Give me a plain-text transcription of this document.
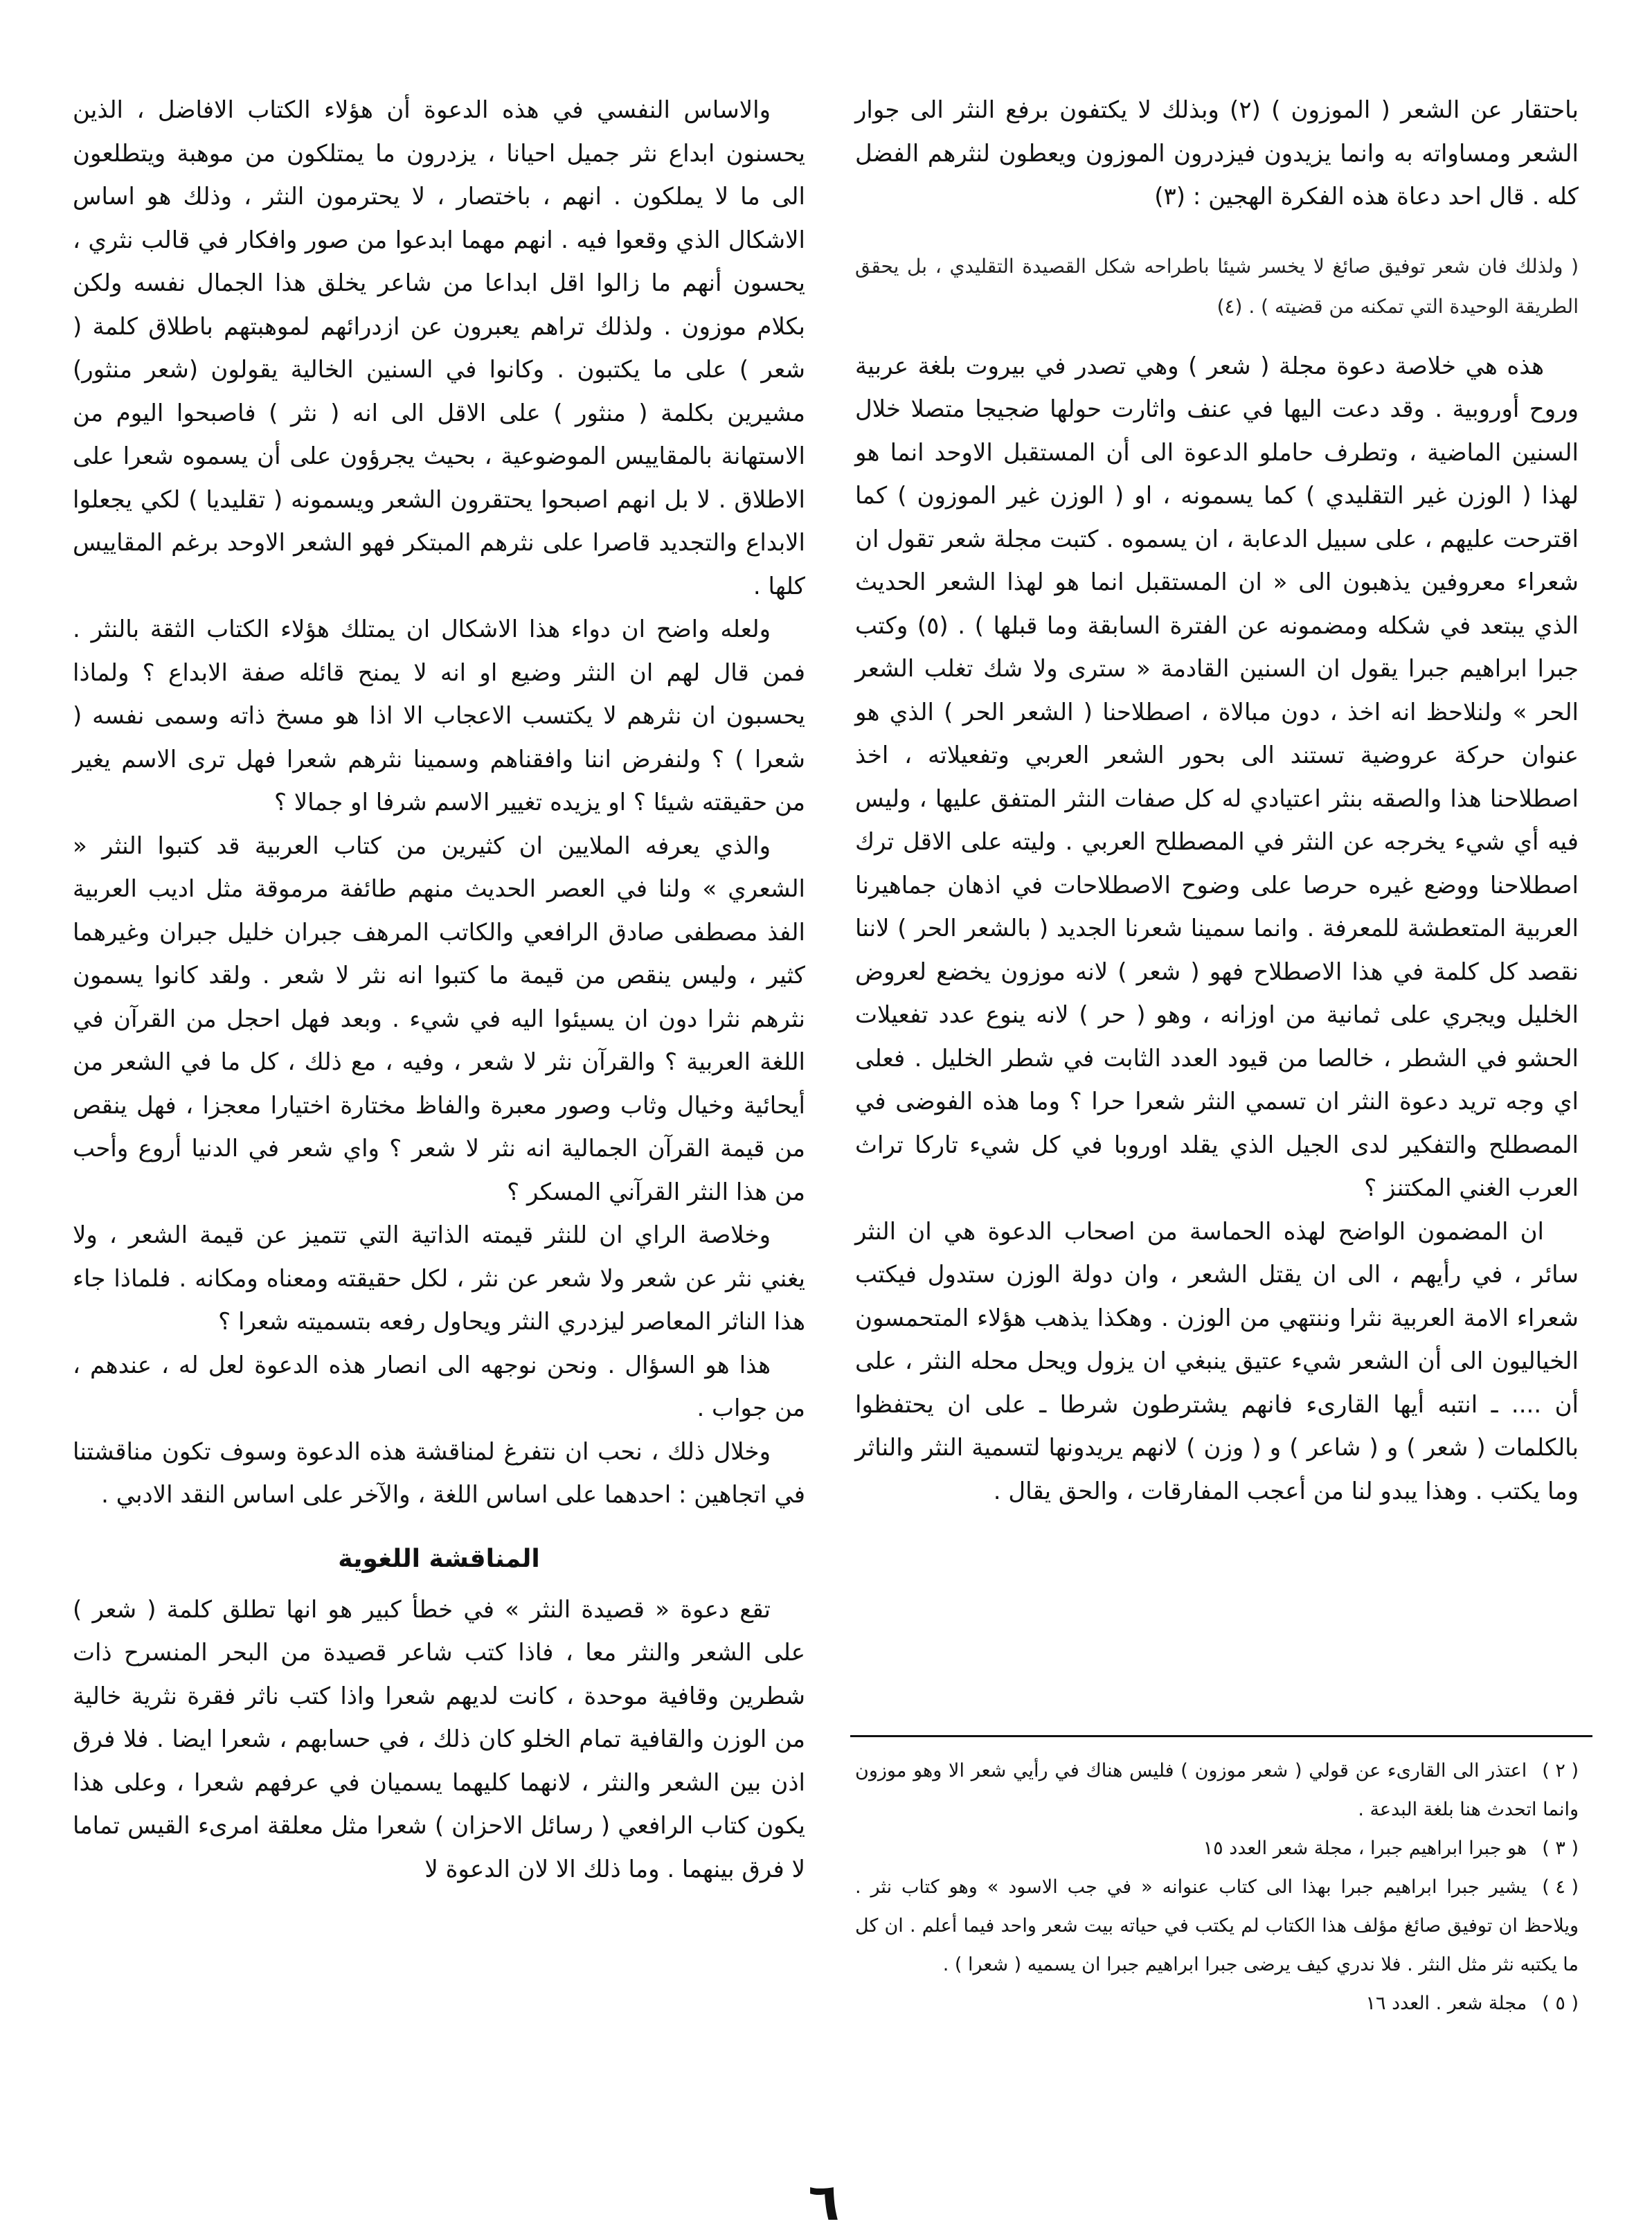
باحتقار عن الشعر ( الموزون ) (٢) وبذلك لا يكتفون برفع النثر الى جوار الشعر ومساواته به وانما يزيدون فيزدرون الموزون ويعطون لنثرهم الفضل كله . قال احد دعاة هذه الفكرة الهجين : (٣)

( ولذلك فان شعر توفيق صائغ لا يخسر شيئا باطراحه شكل القصيدة التقليدي ، بل يحقق الطريقة الوحيدة التي تمكنه من قضيته ) . (٤)

هذه هي خلاصة دعوة مجلة ( شعر ) وهي تصدر في بيروت بلغة عربية وروح أوروبية . وقد دعت اليها في عنف واثارت حولها ضجيجا متصلا خلال السنين الماضية ، وتطرف حاملو الدعوة الى أن المستقبل الاوحد انما هو لهذا ( الوزن غير التقليدي ) كما يسمونه ، او ( الوزن غير الموزون ) كما اقترحت عليهم ، على سبيل الدعابة ، ان يسموه . كتبت مجلة شعر تقول ان شعراء معروفين يذهبون الى « ان المستقبل انما هو لهذا الشعر الحديث الذي يبتعد في شكله ومضمونه عن الفترة السابقة وما قبلها ) . (٥) وكتب جبرا ابراهيم جبرا يقول ان السنين القادمة « سترى ولا شك تغلب الشعر الحر » ولنلاحظ انه اخذ ، دون مبالاة ، اصطلاحنا ( الشعر الحر ) الذي هو عنوان حركة عروضية تستند الى بحور الشعر العربي وتفعيلاته ، اخذ اصطلاحنا هذا والصقه بنثر اعتيادي له كل صفات النثر المتفق عليها ، وليس فيه أي شيء يخرجه عن النثر في المصطلح العربي . وليته على الاقل ترك اصطلاحنا ووضع غيره حرصا على وضوح الاصطلاحات في اذهان جماهيرنا العربية المتعطشة للمعرفة . وانما سمينا شعرنا الجديد ( بالشعر الحر ) لاننا نقصد كل كلمة في هذا الاصطلاح فهو ( شعر ) لانه موزون يخضع لعروض الخليل ويجري على ثمانية من اوزانه ، وهو ( حر ) لانه ينوع عدد تفعيلات الحشو في الشطر ، خالصا من قيود العدد الثابت في شطر الخليل . فعلى اي وجه تريد دعوة النثر ان تسمي النثر شعرا حرا ؟ وما هذه الفوضى في المصطلح والتفكير لدى الجيل الذي يقلد اوروبا في كل شيء تاركا تراث العرب الغني المكتنز ؟

ان المضمون الواضح لهذه الحماسة من اصحاب الدعوة هي ان النثر سائر ، في رأيهم ، الى ان يقتل الشعر ، وان دولة الوزن ستدول فيكتب شعراء الامة العربية نثرا وننتهي من الوزن . وهكذا يذهب هؤلاء المتحمسون الخياليون الى أن الشعر شيء عتيق ينبغي ان يزول ويحل محله النثر ، على أن .... ـ انتبه أيها القارىء فانهم يشترطون شرطا ـ على ان يحتفظوا بالكلمات ( شعر ) و ( شاعر ) و ( وزن ) لانهم يريدونها لتسمية النثر والناثر وما يكتب . وهذا يبدو لنا من أعجب المفارقات ، والحق يقال .

( ٢ )اعتذر الى القارىء عن قولي ( شعر موزون ) فليس هناك في رأيي شعر الا وهو موزون وانما اتحدث هنا بلغة البدعة .

( ٣ )هو جبرا ابراهيم جبرا ، مجلة شعر العدد ١٥

( ٤ )يشير جبرا ابراهيم جبرا بهذا الى كتاب عنوانه « في جب الاسود » وهو كتاب نثر . ويلاحظ ان توفيق صائغ مؤلف هذا الكتاب لم يكتب في حياته بيت شعر واحد فيما أعلم . ان كل ما يكتبه نثر مثل النثر . فلا ندري كيف يرضى جبرا ابراهيم جبرا ان يسميه ( شعرا ) .

( ٥ )مجلة شعر . العدد ١٦

والاساس النفسي في هذه الدعوة أن هؤلاء الكتاب الافاضل ، الذين يحسنون ابداع نثر جميل احيانا ، يزدرون ما يمتلكون من موهبة ويتطلعون الى ما لا يملكون . انهم ، باختصار ، لا يحترمون النثر ، وذلك هو اساس الاشكال الذي وقعوا فيه . انهم مهما ابدعوا من صور وافكار في قالب نثري ، يحسون أنهم ما زالوا اقل ابداعا من شاعر يخلق هذا الجمال نفسه ولكن بكلام موزون . ولذلك تراهم يعبرون عن ازدرائهم لموهبتهم باطلاق كلمة ( شعر ) على ما يكتبون . وكانوا في السنين الخالية يقولون (شعر منثور) مشيرين بكلمة ( منثور ) على الاقل الى انه ( نثر ) فاصبحوا اليوم من الاستهانة بالمقاييس الموضوعية ، بحيث يجرؤون على أن يسموه شعرا على الاطلاق . لا بل انهم اصبحوا يحتقرون الشعر ويسمونه ( تقليديا ) لكي يجعلوا الابداع والتجديد قاصرا على نثرهم المبتكر فهو الشعر الاوحد برغم المقاييس كلها .

ولعله واضح ان دواء هذا الاشكال ان يمتلك هؤلاء الكتاب الثقة بالنثر . فمن قال لهم ان النثر وضيع او انه لا يمنح قائله صفة الابداع ؟ ولماذا يحسبون ان نثرهم لا يكتسب الاعجاب الا اذا هو مسخ ذاته وسمى نفسه ( شعرا ) ؟ ولنفرض اننا وافقناهم وسمينا نثرهم شعرا فهل ترى الاسم يغير من حقيقته شيئا ؟ او يزيده تغيير الاسم شرفا او جمالا ؟

والذي يعرفه الملايين ان كثيرين من كتاب العربية قد كتبوا النثر « الشعري » ولنا في العصر الحديث منهم طائفة مرموقة مثل اديب العربية الفذ مصطفى صادق الرافعي والكاتب المرهف جبران خليل جبران وغيرهما كثير ، وليس ينقص من قيمة ما كتبوا انه نثر لا شعر . ولقد كانوا يسمون نثرهم نثرا دون ان يسيئوا اليه في شيء . وبعد فهل احجل من القرآن في اللغة العربية ؟ والقرآن نثر لا شعر ، وفيه ، مع ذلك ، كل ما في الشعر من أيحائية وخيال وثاب وصور معبرة والفاظ مختارة اختيارا معجزا ، فهل ينقص من قيمة القرآن الجمالية انه نثر لا شعر ؟ واي شعر في الدنيا أروع وأحب من هذا النثر القرآني المسكر ؟

وخلاصة الراي ان للنثر قيمته الذاتية التي تتميز عن قيمة الشعر ، ولا يغني نثر عن شعر ولا شعر عن نثر ، لكل حقيقته ومعناه ومكانه . فلماذا جاء هذا الناثر المعاصر ليزدري النثر ويحاول رفعه بتسميته شعرا ؟

هذا هو السؤال . ونحن نوجهه الى انصار هذه الدعوة لعل له ، عندهم ، من جواب .

وخلال ذلك ، نحب ان نتفرغ لمناقشة هذه الدعوة وسوف تكون مناقشتنا في اتجاهين : احدهما على اساس اللغة ، والآخر على اساس النقد الادبي .

المناقشة اللغوية

تقع دعوة « قصيدة النثر » في خطأ كبير هو انها تطلق كلمة ( شعر ) على الشعر والنثر معا ، فاذا كتب شاعر قصيدة من البحر المنسرح ذات شطرين وقافية موحدة ، كانت لديهم شعرا واذا كتب ناثر فقرة نثرية خالية من الوزن والقافية تمام الخلو كان ذلك ، في حسابهم ، شعرا ايضا . فلا فرق اذن بين الشعر والنثر ، لانهما كليهما يسميان في عرفهم شعرا ، وعلى هذا يكون كتاب الرافعي ( رسائل الاحزان ) شعرا مثل معلقة امرىء القيس تماما لا فرق بينهما . وما ذلك الا لان الدعوة لا

٦
